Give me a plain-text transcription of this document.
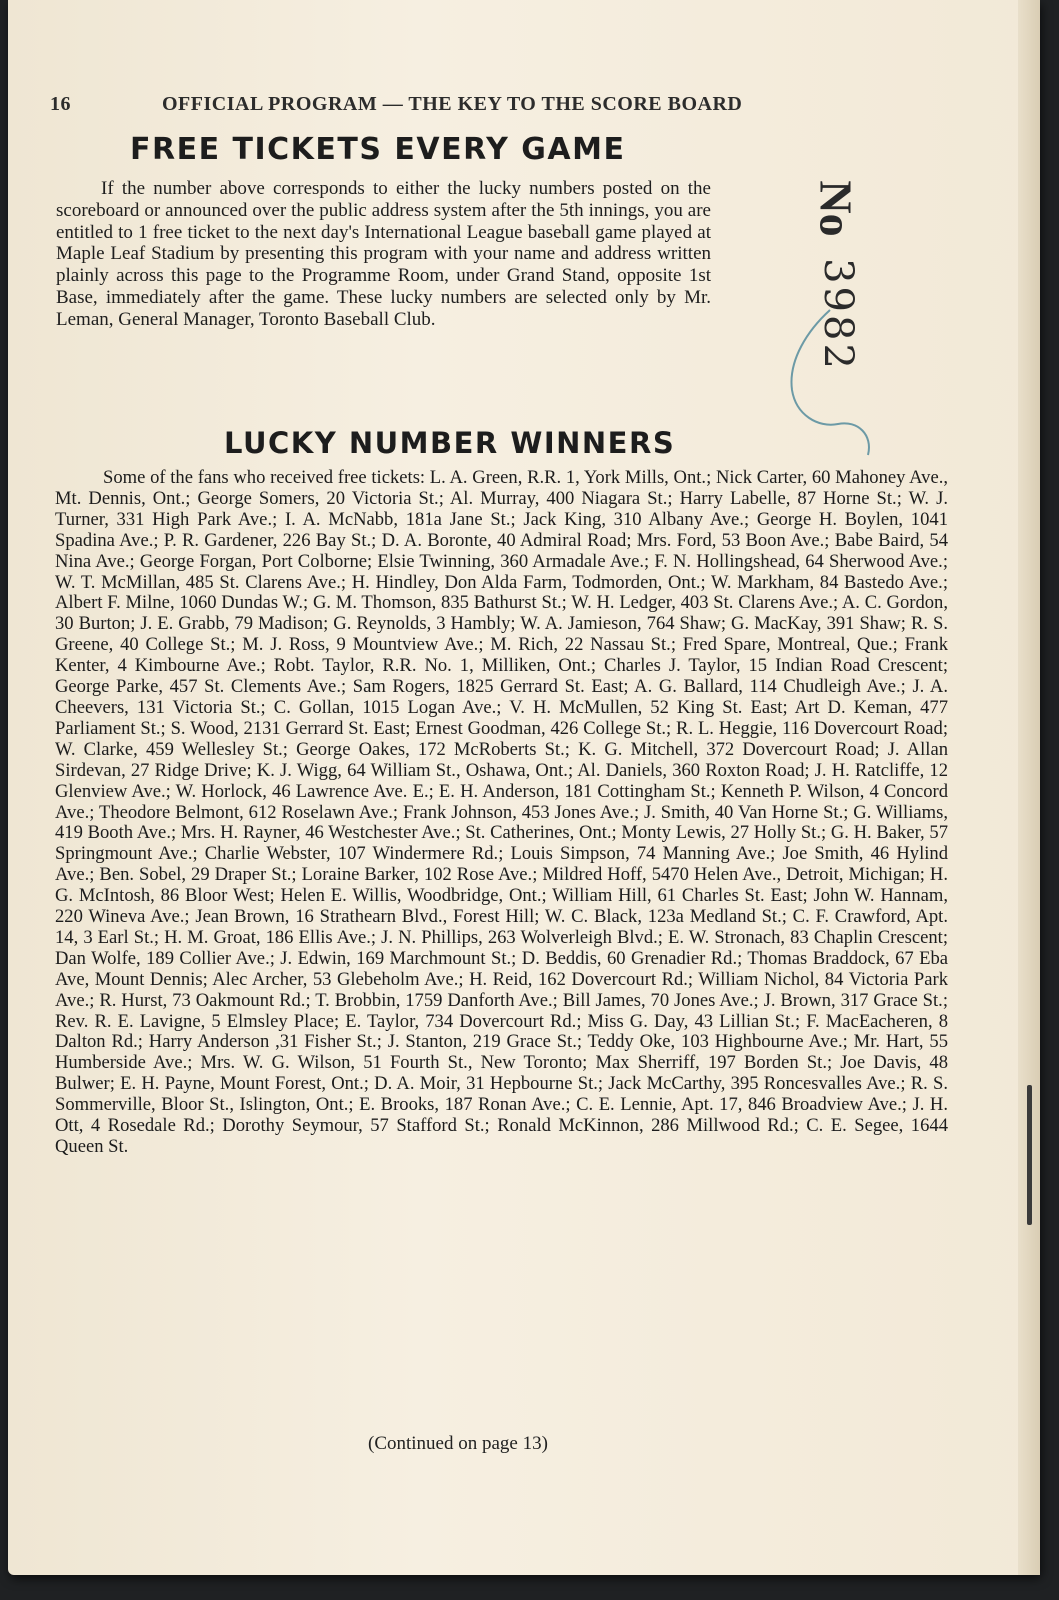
16	OFFICIAL PROGRAM — THE KEY TO THE SCORE BOARD
FREE TICKETS EVERY GAME

If the number above corresponds to either the lucky numbers posted on the scoreboard or announced over the public address system after the 5th innings, you are entitled to 1 free ticket to the next day's International League baseball game played at Maple Leaf Stadium by presenting this program with your name and address written plainly across this page to the Programme Room, under Grand Stand, opposite 1st Base, immediately after the game. These lucky numbers are selected only by Mr. Leman, General Manager, Toronto Baseball Club.

No
3982
LUCKY NUMBER WINNERS

Some of the fans who received free tickets: L. A. Green, R.R. 1, York Mills, Ont.; Nick Carter, 60 Mahoney Ave., Mt. Dennis, Ont.; George Somers, 20 Victoria St.; Al. Murray, 400 Niagara St.; Harry Labelle, 87 Horne St.; W. J. Turner, 331 High Park Ave.; I. A. McNabb, 181a Jane St.; Jack King, 310 Albany Ave.; George H. Boylen, 1041 Spadina Ave.; P. R. Gardener, 226 Bay St.; D. A. Boronte, 40 Admiral Road; Mrs. Ford, 53 Boon Ave.; Babe Baird, 54 Nina Ave.; George Forgan, Port Colborne; Elsie Twinning, 360 Armadale Ave.; F. N. Hollingshead, 64 Sherwood Ave.; W. T. McMillan, 485 St. Clarens Ave.; H. Hindley, Don Alda Farm, Todmorden, Ont.; W. Markham, 84 Bastedo Ave.; Albert F. Milne, 1060 Dundas W.; G. M. Thomson, 835 Bathurst St.; W. H. Ledger, 403 St. Clarens Ave.; A. C. Gordon, 30 Burton; J. E. Grabb, 79 Madison; G. Reynolds, 3 Hambly; W. A. Jamieson, 764 Shaw; G. MacKay, 391 Shaw; R. S. Greene, 40 College St.; M. J. Ross, 9 Mountview Ave.; M. Rich, 22 Nassau St.; Fred Spare, Montreal, Que.; Frank Kenter, 4 Kimbourne Ave.; Robt. Taylor, R.R. No. 1, Milliken, Ont.; Charles J. Taylor, 15 Indian Road Crescent; George Parke, 457 St. Clements Ave.; Sam Rogers, 1825 Gerrard St. East; A. G. Ballard, 114 Chudleigh Ave.; J. A. Cheevers, 131 Victoria St.; C. Gollan, 1015 Logan Ave.; V. H. McMullen, 52 King St. East; Art D. Keman, 477 Parliament St.; S. Wood, 2131 Gerrard St. East; Ernest Goodman, 426 College St.; R. L. Heggie, 116 Dovercourt Road; W. Clarke, 459 Wellesley St.; George Oakes, 172 McRoberts St.; K. G. Mitchell, 372 Dovercourt Road; J. Allan Sirdevan, 27 Ridge Drive; K. J. Wigg, 64 William St., Oshawa, Ont.; Al. Daniels, 360 Roxton Road; J. H. Ratcliffe, 12 Glenview Ave.; W. Horlock, 46 Lawrence Ave. E.; E. H. Anderson, 181 Cottingham St.; Kenneth P. Wilson, 4 Concord Ave.; Theodore Belmont, 612 Roselawn Ave.; Frank Johnson, 453 Jones Ave.; J. Smith, 40 Van Horne St.; G. Williams, 419 Booth Ave.; Mrs. H. Rayner, 46 Westchester Ave.; St. Catherines, Ont.; Monty Lewis, 27 Holly St.; G. H. Baker, 57 Springmount Ave.; Charlie Webster, 107 Windermere Rd.; Louis Simpson, 74 Manning Ave.; Joe Smith, 46 Hylind Ave.; Ben. Sobel, 29 Draper St.; Loraine Barker, 102 Rose Ave.; Mildred Hoff, 5470 Helen Ave., Detroit, Michigan; H. G. McIntosh, 86 Bloor West; Helen E. Willis, Woodbridge, Ont.; William Hill, 61 Charles St. East; John W. Hannam, 220 Wineva Ave.; Jean Brown, 16 Strathearn Blvd., Forest Hill; W. C. Black, 123a Medland St.; C. F. Crawford, Apt. 14, 3 Earl St.; H. M. Groat, 186 Ellis Ave.; J. N. Phillips, 263 Wolverleigh Blvd.; E. W. Stronach, 83 Chaplin Crescent; Dan Wolfe, 189 Collier Ave.; J. Edwin, 169 Marchmount St.; D. Beddis, 60 Grenadier Rd.; Thomas Braddock, 67 Eba Ave, Mount Dennis; Alec Archer, 53 Glebeholm Ave.; H. Reid, 162 Dovercourt Rd.; William Nichol, 84 Victoria Park Ave.; R. Hurst, 73 Oakmount Rd.; T. Brobbin, 1759 Danforth Ave.; Bill James, 70 Jones Ave.; J. Brown, 317 Grace St.; Rev. R. E. Lavigne, 5 Elmsley Place; E. Taylor, 734 Dovercourt Rd.; Miss G. Day, 43 Lillian St.; F. MacEacheren, 8 Dalton Rd.; Harry Anderson ,31 Fisher St.; J. Stanton, 219 Grace St.; Teddy Oke, 103 Highbourne Ave.; Mr. Hart, 55 Humberside Ave.; Mrs. W. G. Wilson, 51 Fourth St., New Toronto; Max Sherriff, 197 Borden St.; Joe Davis, 48 Bulwer; E. H. Payne, Mount Forest, Ont.; D. A. Moir, 31 Hepbourne St.; Jack McCarthy, 395 Roncesvalles Ave.; R. S. Sommerville, Bloor St., Islington, Ont.; E. Brooks, 187 Ronan Ave.; C. E. Lennie, Apt. 17, 846 Broadview Ave.; J. H. Ott, 4 Rosedale Rd.; Dorothy Seymour, 57 Stafford St.; Ronald McKinnon, 286 Millwood Rd.; C. E. Segee, 1644 Queen St.

(Continued on page 13)
